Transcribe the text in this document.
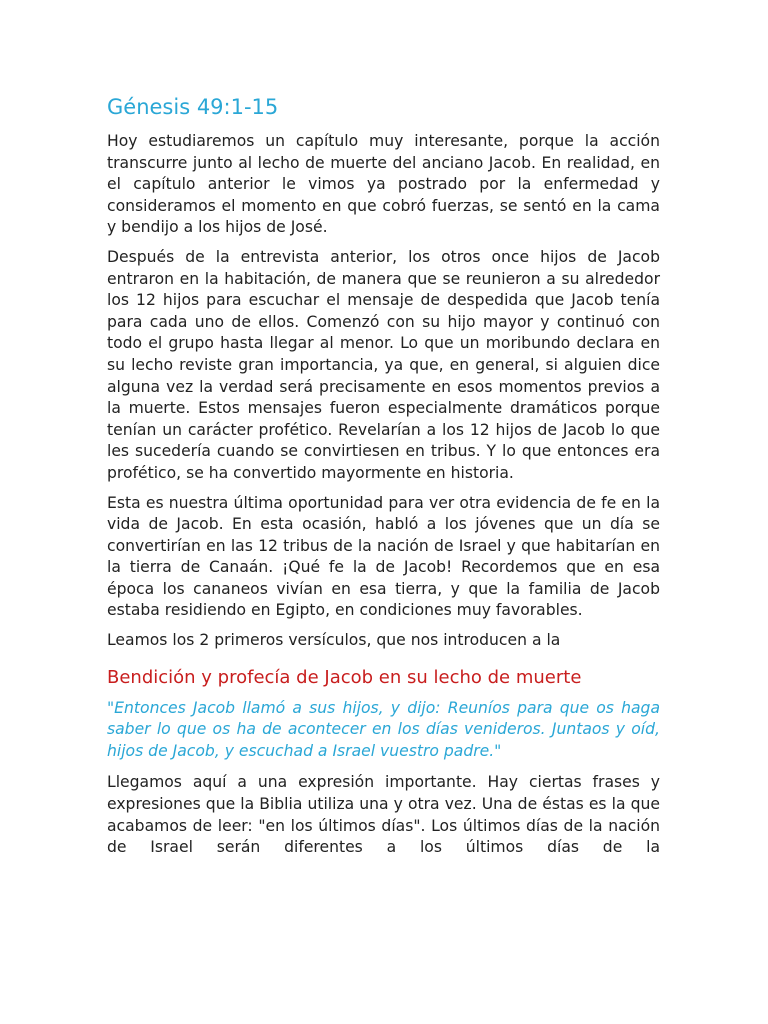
Génesis 49:1-15

Hoy estudiaremos un capítulo muy interesante, porque la acción transcurre junto al lecho de muerte del anciano Jacob. En realidad, en el capítulo anterior le vimos ya postrado por la enfermedad y consideramos el momento en que cobró fuerzas, se sentó en la cama y bendijo a los hijos de José.

Después de la entrevista anterior, los otros once hijos de Jacob entraron en la habitación, de manera que se reunieron a su alrededor los 12 hijos para escuchar el mensaje de despedida que Jacob tenía para cada uno de ellos. Comenzó con su hijo mayor y continuó con todo el grupo hasta llegar al menor. Lo que un moribundo declara en su lecho reviste gran importancia, ya que, en general, si alguien dice alguna vez la verdad será precisamente en esos momentos previos a la muerte. Estos mensajes fueron especialmente dramáticos porque tenían un carácter profético. Revelarían a los 12 hijos de Jacob lo que les sucedería cuando se convirtiesen en tribus. Y lo que entonces era profético, se ha convertido mayormente en historia.

Esta es nuestra última oportunidad para ver otra evidencia de fe en la vida de Jacob. En esta ocasión, habló a los jóvenes que un día se convertirían en las 12 tribus de la nación de Israel y que habitarían en la tierra de Canaán. ¡Qué fe la de Jacob! Recordemos que en esa época los cananeos vivían en esa tierra, y que la familia de Jacob estaba residiendo en Egipto, en condiciones muy favorables.

Leamos los 2 primeros versículos, que nos introducen a la

Bendición y profecía de Jacob en su lecho de muerte

"Entonces Jacob llamó a sus hijos, y dijo: Reuníos para que os haga saber lo que os ha de acontecer en los días venideros. Juntaos y oíd, hijos de Jacob, y escuchad a Israel vuestro padre."

Llegamos aquí a una expresión importante. Hay ciertas frases y expresiones que la Biblia utiliza una y otra vez. Una de éstas es la que acabamos de leer: "en los últimos días". Los últimos días de la nación de Israel serán diferentes a los últimos días de la
